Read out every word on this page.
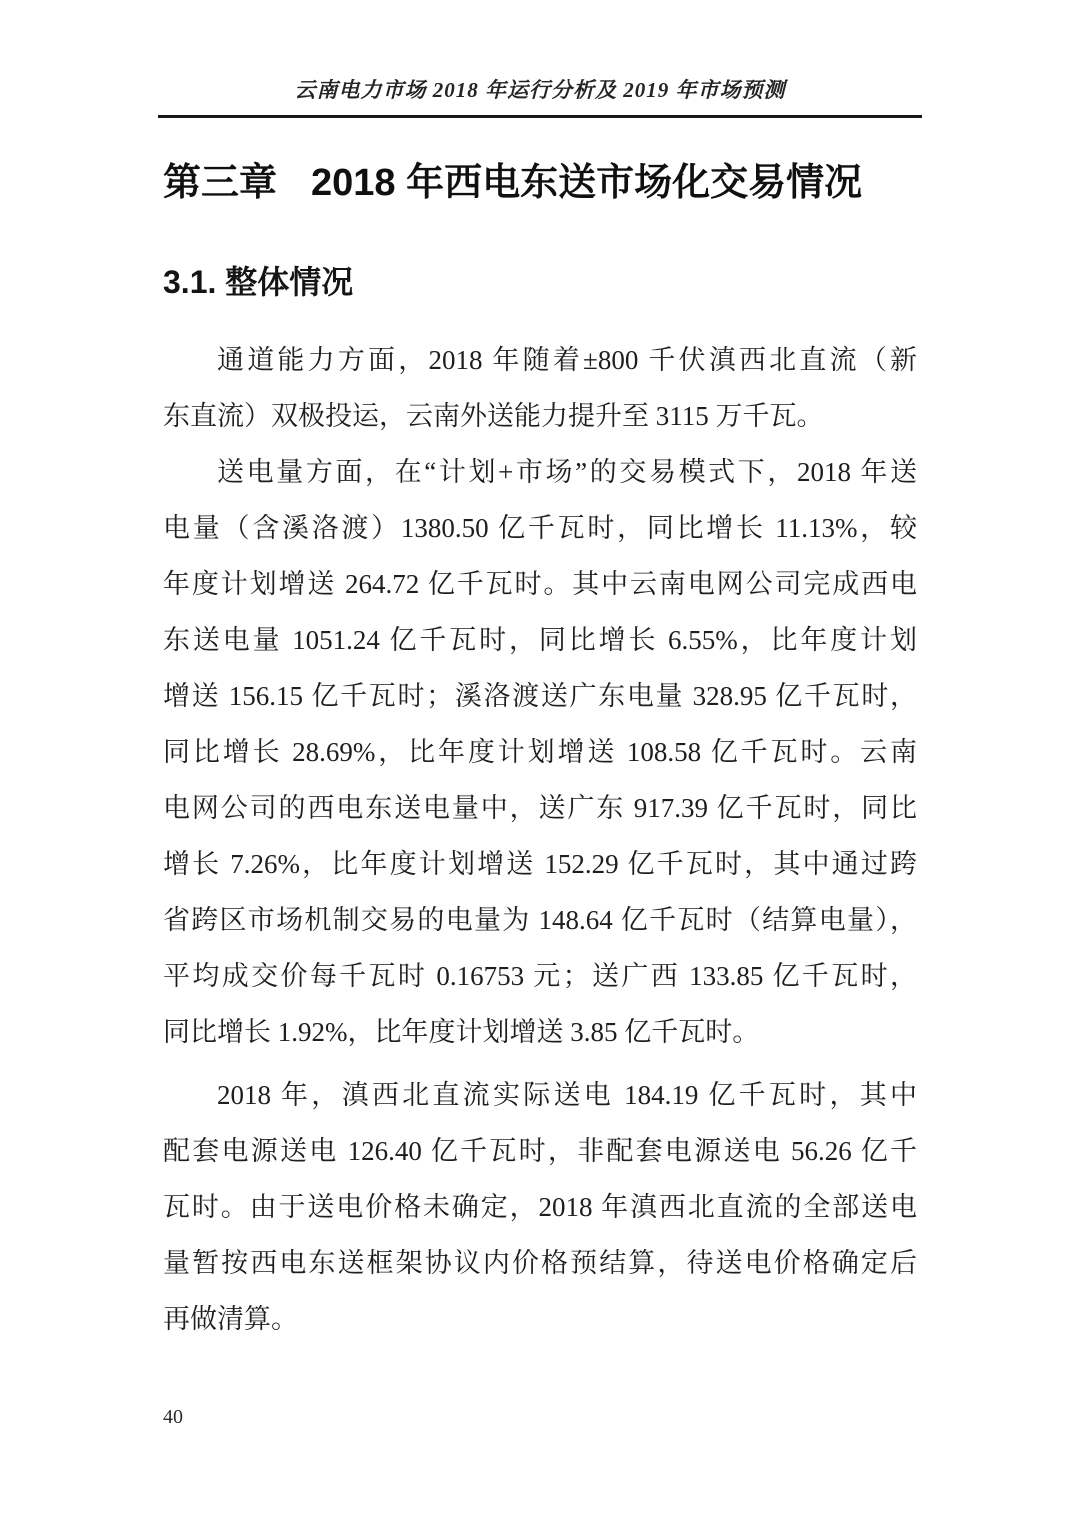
云南电力市场 2018 年运行分析及 2019 年市场预测
第三章 2018 年西电东送市场化交易情况
3.1. 整体情况
通道能力方面，2018 年随着±800 千伏滇西北直流（新
东直流）双极投运，云南外送能力提升至 3115 万千瓦。
送电量方面，在“计划+市场”的交易模式下，2018 年送
电量（含溪洛渡）1380.50 亿千瓦时，同比增长 11.13%，较
年度计划增送 264.72 亿千瓦时。其中云南电网公司完成西电
东送电量 1051.24 亿千瓦时，同比增长 6.55%，比年度计划
增送 156.15 亿千瓦时；溪洛渡送广东电量 328.95 亿千瓦时，
同比增长 28.69%，比年度计划增送 108.58 亿千瓦时。云南
电网公司的西电东送电量中，送广东 917.39 亿千瓦时，同比
增长 7.26%，比年度计划增送 152.29 亿千瓦时，其中通过跨
省跨区市场机制交易的电量为 148.64 亿千瓦时（结算电量），
平均成交价每千瓦时 0.16753 元；送广西 133.85 亿千瓦时，
同比增长 1.92%，比年度计划增送 3.85 亿千瓦时。
2018 年，滇西北直流实际送电 184.19 亿千瓦时，其中
配套电源送电 126.40 亿千瓦时，非配套电源送电 56.26 亿千
瓦时。由于送电价格未确定，2018 年滇西北直流的全部送电
量暂按西电东送框架协议内价格预结算，待送电价格确定后
再做清算。
40
